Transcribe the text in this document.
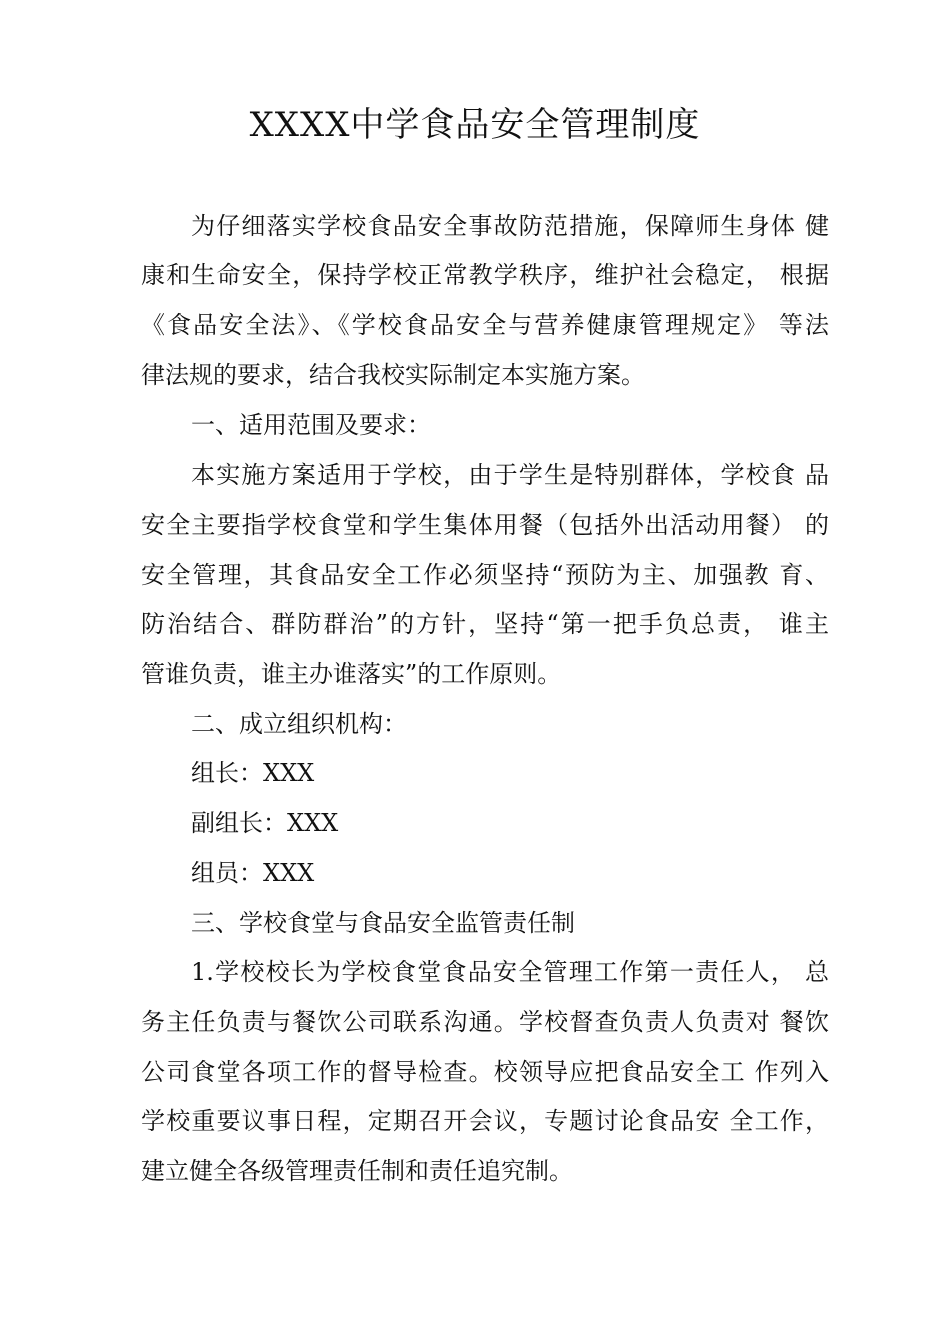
XXXX中学食品安全管理制度
为仔细落实学校食品安全事故防范措施，保障师生身体 健
康和生命安全，保持学校正常教学秩序，维护社会稳定， 根据
《食品安全法》、《学校食品安全与营养健康管理规定》 等法
律法规的要求，结合我校实际制定本实施方案。
一、适用范围及要求：
本实施方案适用于学校，由于学生是特别群体，学校食 品
安全主要指学校食堂和学生集体用餐（包括外出活动用餐） 的
安全管理，其食品安全工作必须坚持“预防为主、加强教 育、
防治结合、群防群治”的方针，坚持“第一把手负总责， 谁主
管谁负责，谁主办谁落实”的工作原则。
二、成立组织机构：
组长：XXX
副组长：XXX
组员：XXX
三、学校食堂与食品安全监管责任制
1.学校校长为学校食堂食品安全管理工作第一责任人， 总
务主任负责与餐饮公司联系沟通。学校督查负责人负责对 餐饮
公司食堂各项工作的督导检查。校领导应把食品安全工 作列入
学校重要议事日程，定期召开会议，专题讨论食品安 全工作，
建立健全各级管理责任制和责任追究制。
